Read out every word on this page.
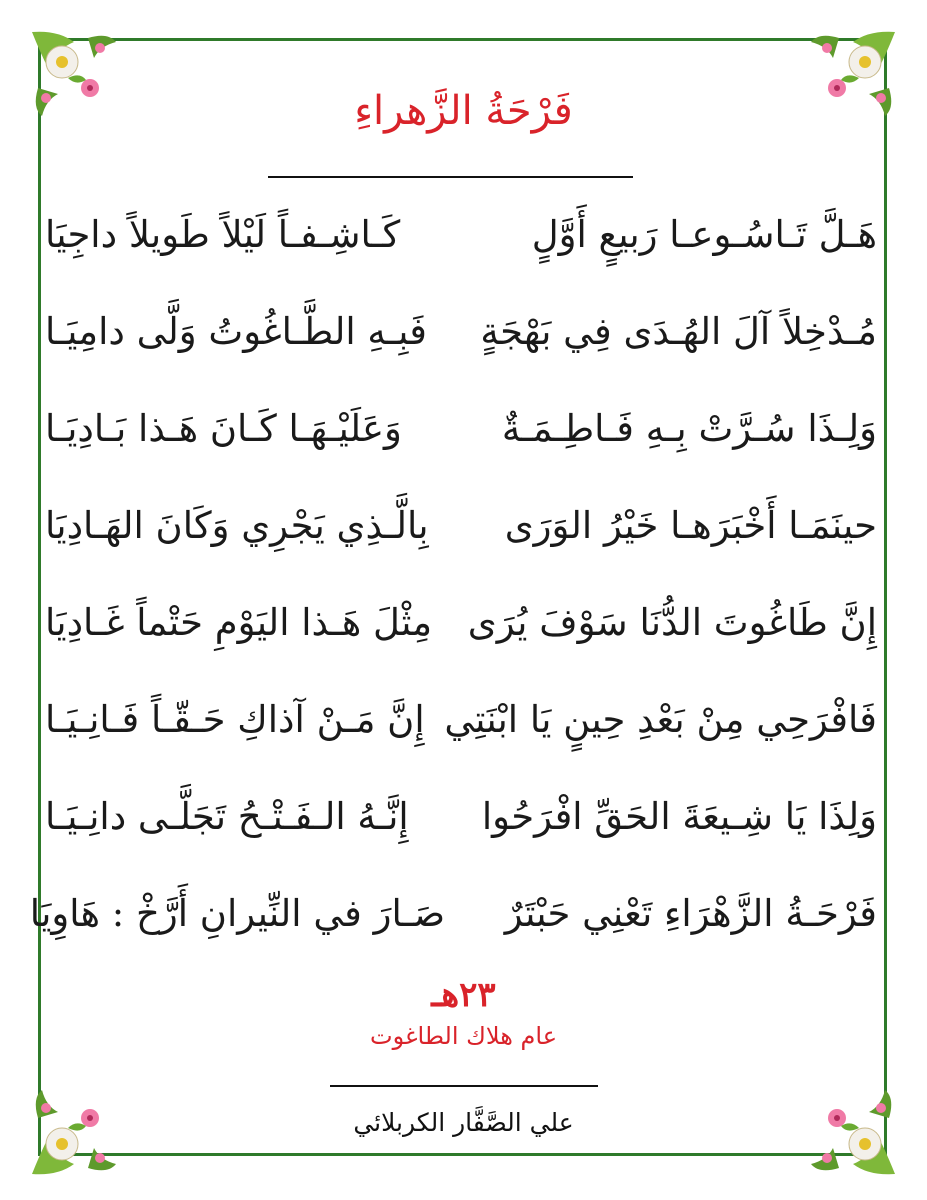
فَرْحَةُ الزَّهراءِ
هَـلَّ تَـاسُـوعـا رَبيعٍ أَوَّلٍ
كَـاشِـفـاً لَيْلاً طَويلاً داجِيَا
مُـدْخِلاً آلَ الهُـدَى فِي بَهْجَةٍ
فَبِـهِ الطَّـاغُوتُ وَلَّى دامِيَـا
وَلِـذَا سُـرَّتْ بِـهِ فَـاطِـمَـةٌ
وَعَلَيْـهَـا كَـانَ هَـذا بَـادِيَـا
حينَمَـا أَخْبَرَهـا خَيْرُ الوَرَى
بِالَّـذِي يَجْرِي وَكَانَ الهَـادِيَا
إِنَّ طَاغُوتَ الدُّنَا سَوْفَ يُرَى
مِثْلَ هَـذا اليَوْمِ حَتْماً غَـادِيَا
فَافْرَحِي مِنْ بَعْدِ حِينٍ يَا ابْنَتِي
إِنَّ مَـنْ آذاكِ حَـقّـاً فَـانِـيَـا
وَلِذَا يَا شِـيعَةَ الحَقِّ افْرَحُوا
إِنَّـهُ الـفَـتْـحُ تَجَلَّـى دانِـيَـا
فَرْحَـةُ الزَّهْرَاءِ تَعْنِي حَبْتَرٌ
صَـارَ في النِّيرانِ أَرَّخْ : هَاوِيَا
٢٣هـ
عام هلاك الطاغوت
علي الصَّفَّار الكربلائي
